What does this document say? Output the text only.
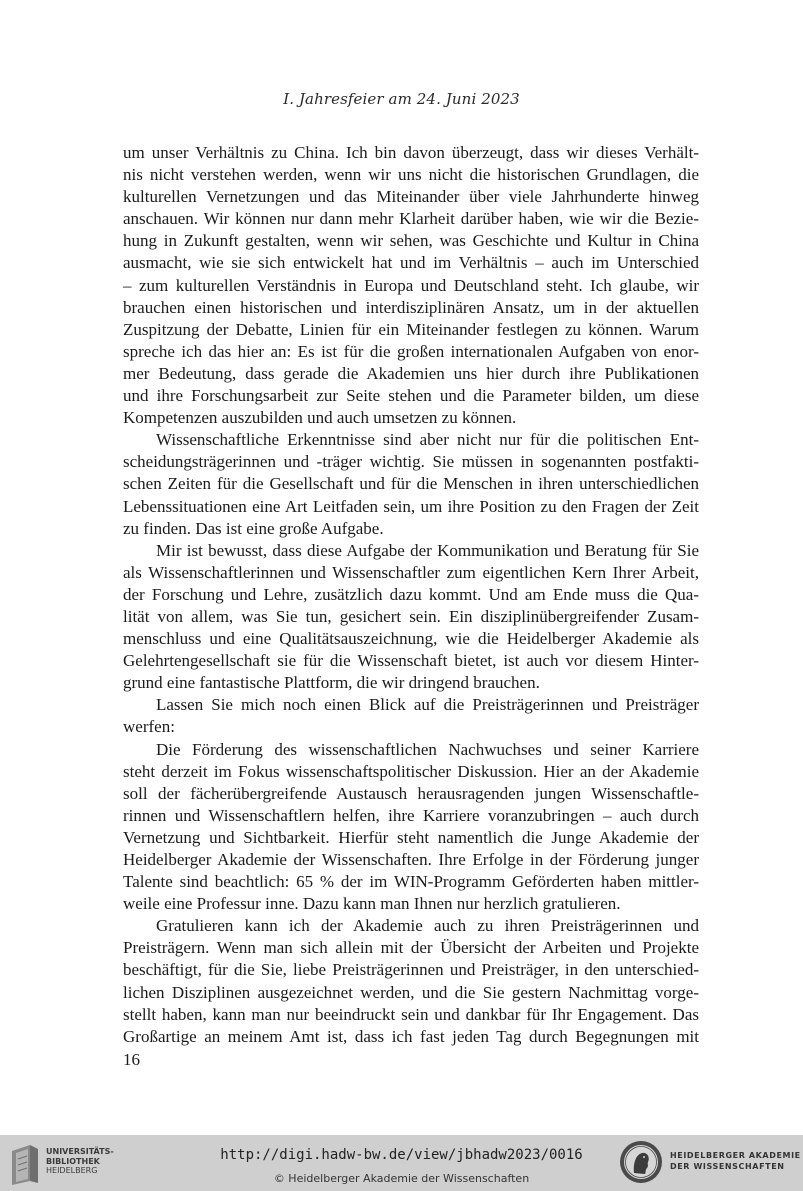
I. Jahresfeier am 24. Juni 2023
um unser Verhältnis zu China. Ich bin davon überzeugt, dass wir dieses Verhält-
nis nicht verstehen werden, wenn wir uns nicht die historischen Grundlagen, die
kulturellen Vernetzungen und das Miteinander über viele Jahrhunderte hinweg
anschauen. Wir können nur dann mehr Klarheit darüber haben, wie wir die Bezie-
hung in Zukunft gestalten, wenn wir sehen, was Geschichte und Kultur in China
ausmacht, wie sie sich entwickelt hat und im Verhältnis – auch im Unterschied
– zum kulturellen Verständnis in Europa und Deutschland steht. Ich glaube, wir
brauchen einen historischen und interdisziplinären Ansatz, um in der aktuellen
Zuspitzung der Debatte, Linien für ein Miteinander festlegen zu können. Warum
spreche ich das hier an: Es ist für die großen internationalen Aufgaben von enor-
mer Bedeutung, dass gerade die Akademien uns hier durch ihre Publikationen
und ihre Forschungsarbeit zur Seite stehen und die Parameter bilden, um diese
Kompetenzen auszubilden und auch umsetzen zu können.
Wissenschaftliche Erkenntnisse sind aber nicht nur für die politischen Ent-
scheidungsträgerinnen und -träger wichtig. Sie müssen in sogenannten postfakti-
schen Zeiten für die Gesellschaft und für die Menschen in ihren unterschiedlichen
Lebenssituationen eine Art Leitfaden sein, um ihre Position zu den Fragen der Zeit
zu finden. Das ist eine große Aufgabe.
Mir ist bewusst, dass diese Aufgabe der Kommunikation und Beratung für Sie
als Wissenschaftlerinnen und Wissenschaftler zum eigentlichen Kern Ihrer Arbeit,
der Forschung und Lehre, zusätzlich dazu kommt. Und am Ende muss die Qua-
lität von allem, was Sie tun, gesichert sein. Ein disziplinübergreifender Zusam-
menschluss und eine Qualitätsauszeichnung, wie die Heidelberger Akademie als
Gelehrtengesellschaft sie für die Wissenschaft bietet, ist auch vor diesem Hinter-
grund eine fantastische Plattform, die wir dringend brauchen.
Lassen Sie mich noch einen Blick auf die Preisträgerinnen und Preisträger
werfen:
Die Förderung des wissenschaftlichen Nachwuchses und seiner Karriere
steht derzeit im Fokus wissenschaftspolitischer Diskussion. Hier an der Akademie
soll der fächerübergreifende Austausch herausragenden jungen Wissenschaftle-
rinnen und Wissenschaftlern helfen, ihre Karriere voranzubringen – auch durch
Vernetzung und Sichtbarkeit. Hierfür steht namentlich die Junge Akademie der
Heidelberger Akademie der Wissenschaften. Ihre Erfolge in der Förderung junger
Talente sind beachtlich: 65 % der im WIN-Programm Geförderten haben mittler-
weile eine Professur inne. Dazu kann man Ihnen nur herzlich gratulieren.
Gratulieren kann ich der Akademie auch zu ihren Preisträgerinnen und
Preisträgern. Wenn man sich allein mit der Übersicht der Arbeiten und Projekte
beschäftigt, für die Sie, liebe Preisträgerinnen und Preisträger, in den unterschied-
lichen Disziplinen ausgezeichnet werden, und die Sie gestern Nachmittag vorge-
stellt haben, kann man nur beeindruckt sein und dankbar für Ihr Engagement. Das
Großartige an meinem Amt ist, dass ich fast jeden Tag durch Begegnungen mit
16
UNIVERSITÄTS-
BIBLIOTHEK
HEIDELBERG
http://digi.hadw-bw.de/view/jbhadw2023/0016
© Heidelberger Akademie der Wissenschaften
HEIDELBERGER AKADEMIE
DER WISSENSCHAFTEN
